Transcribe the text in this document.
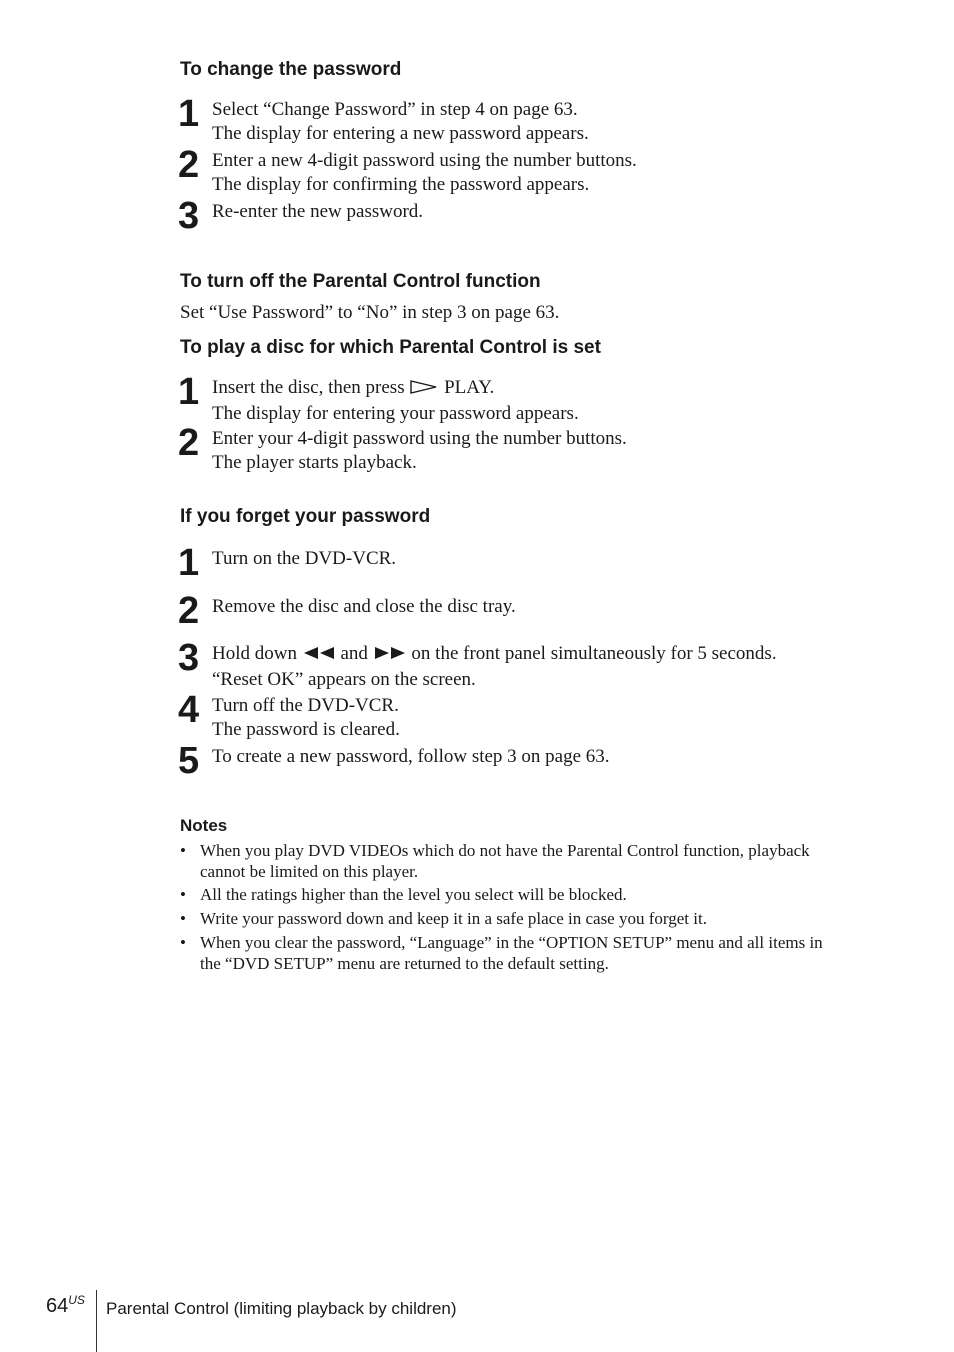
To change the password
1 Select “Change Password” in step 4 on page 63.
The display for entering a new password appears.
2 Enter a new 4-digit password using the number buttons.
The display for confirming the password appears.
3 Re-enter the new password.
To turn off the Parental Control function

Set “Use Password” to “No” in step 3 on page 63.

To play a disc for which Parental Control is set
1 Insert the disc, then press PLAY.
The display for entering your password appears.
2 Enter your 4-digit password using the number buttons.
The player starts playback.
If you forget your password
1 Turn on the DVD-VCR.
2 Remove the disc and close the disc tray.
3 Hold down and on the front panel simultaneously for 5 seconds.
“Reset OK” appears on the screen.
4 Turn off the DVD-VCR.
The password is cleared.
5 To create a new password, follow step 3 on page 63.
Notes
• When you play DVD VIDEOs which do not have the Parental Control function, playback
cannot be limited on this player.
• All the ratings higher than the level you select will be blocked.
• Write your password down and keep it in a safe place in case you forget it.
• When you clear the password, “Language” in the “OPTION SETUP” menu and all items in
the “DVD SETUP” menu are returned to the default setting.
$64^{US}$ Parental Control (limiting playback by children)
